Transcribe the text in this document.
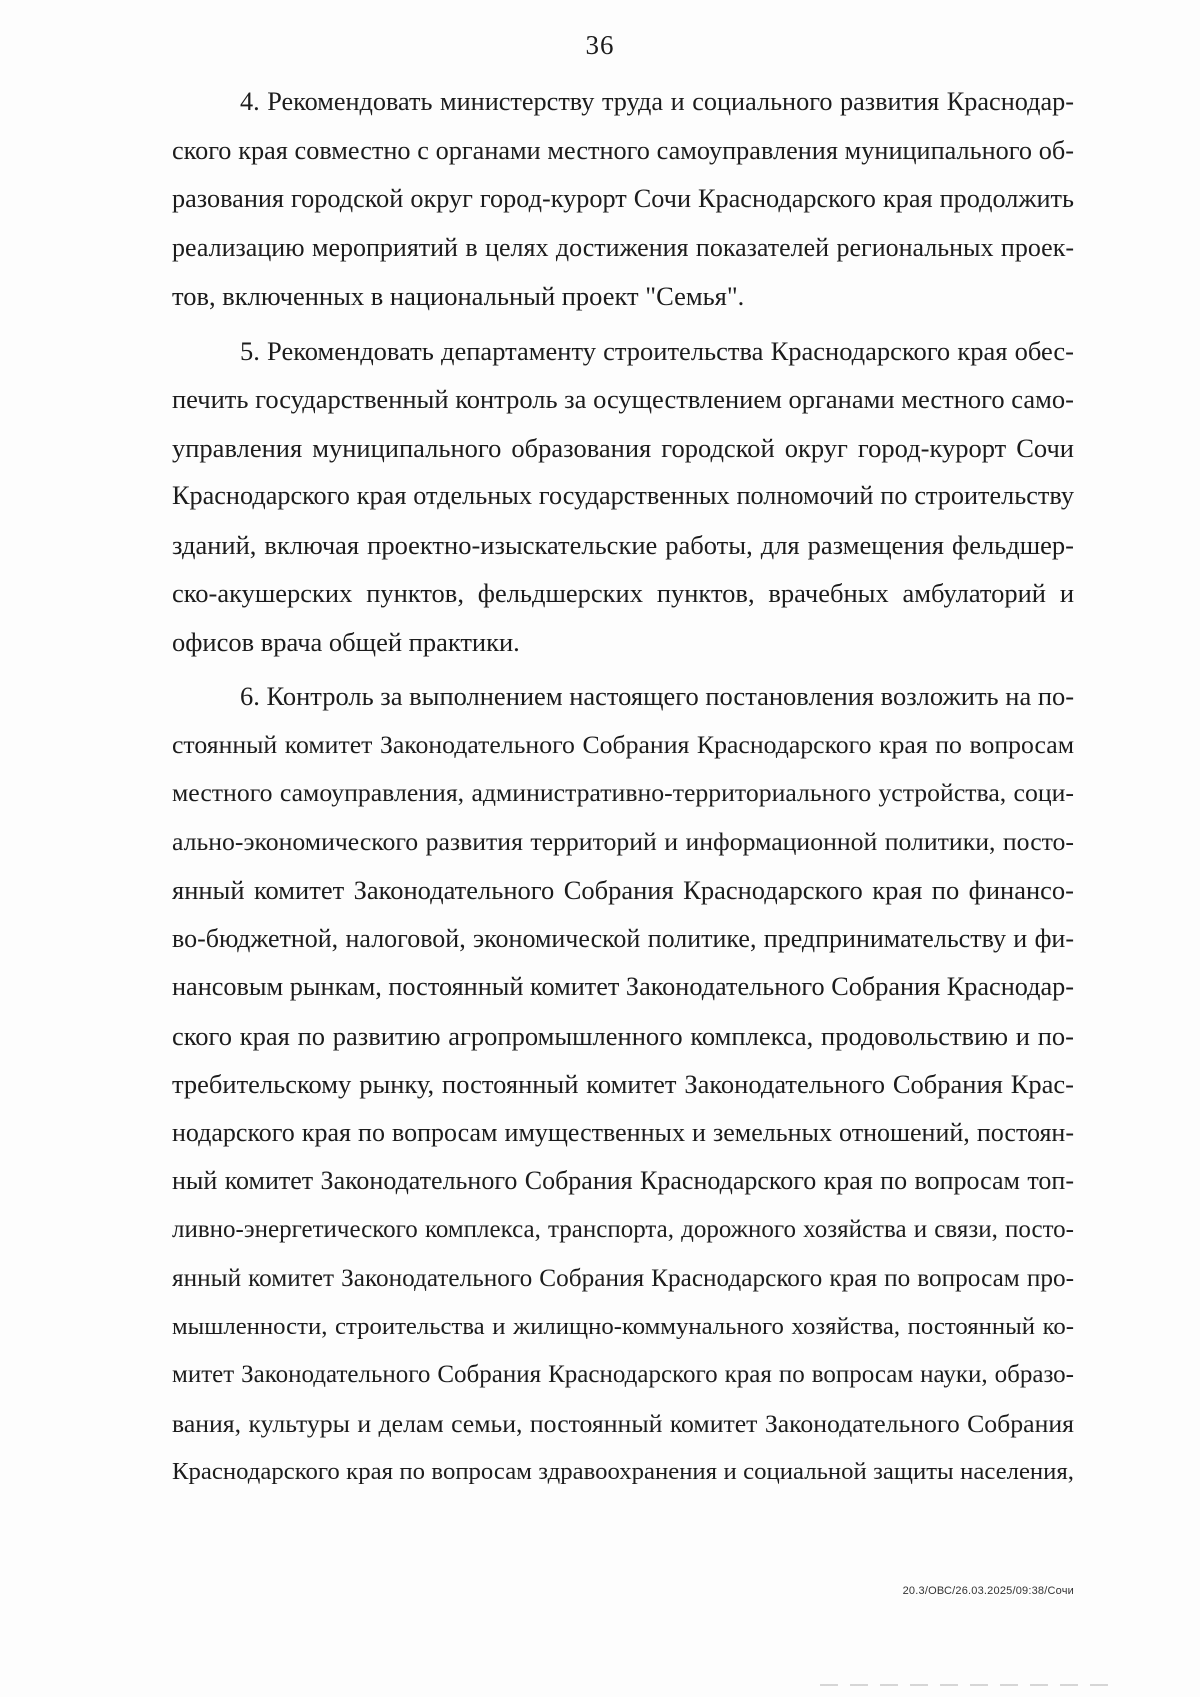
36
4. Рекомендовать министерству труда и социального развития Краснодар-
ского края совместно с органами местного самоуправления муниципального об-
разования городской округ город-курорт Сочи Краснодарского края продолжить
реализацию мероприятий в целях достижения показателей региональных проек-
тов, включенных в национальный проект "Семья".
5. Рекомендовать департаменту строительства Краснодарского края обес-
печить государственный контроль за осуществлением органами местного само-
управления муниципального образования городской округ город-курорт Сочи
Краснодарского края отдельных государственных полномочий по строительству
зданий, включая проектно-изыскательские работы, для размещения фельдшер-
ско-акушерских пунктов, фельдшерских пунктов, врачебных амбулаторий и
офисов врача общей практики.
6. Контроль за выполнением настоящего постановления возложить на по-
стоянный комитет Законодательного Собрания Краснодарского края по вопросам
местного самоуправления, административно-территориального устройства, соци-
ально-экономического развития территорий и информационной политики, посто-
янный комитет Законодательного Собрания Краснодарского края по финансо-
во-бюджетной, налоговой, экономической политике, предпринимательству и фи-
нансовым рынкам, постоянный комитет Законодательного Собрания Краснодар-
ского края по развитию агропромышленного комплекса, продовольствию и по-
требительскому рынку, постоянный комитет Законодательного Собрания Крас-
нодарского края по вопросам имущественных и земельных отношений, постоян-
ный комитет Законодательного Собрания Краснодарского края по вопросам топ-
ливно-энергетического комплекса, транспорта, дорожного хозяйства и связи, посто-
янный комитет Законодательного Собрания Краснодарского края по вопросам про-
мышленности, строительства и жилищно-коммунального хозяйства, постоянный ко-
митет Законодательного Собрания Краснодарского края по вопросам науки, образо-
вания, культуры и делам семьи, постоянный комитет Законодательного Собрания
Краснодарского края по вопросам здравоохранения и социальной защиты населения,
20.3/ОВС/26.03.2025/09:38/Сочи
